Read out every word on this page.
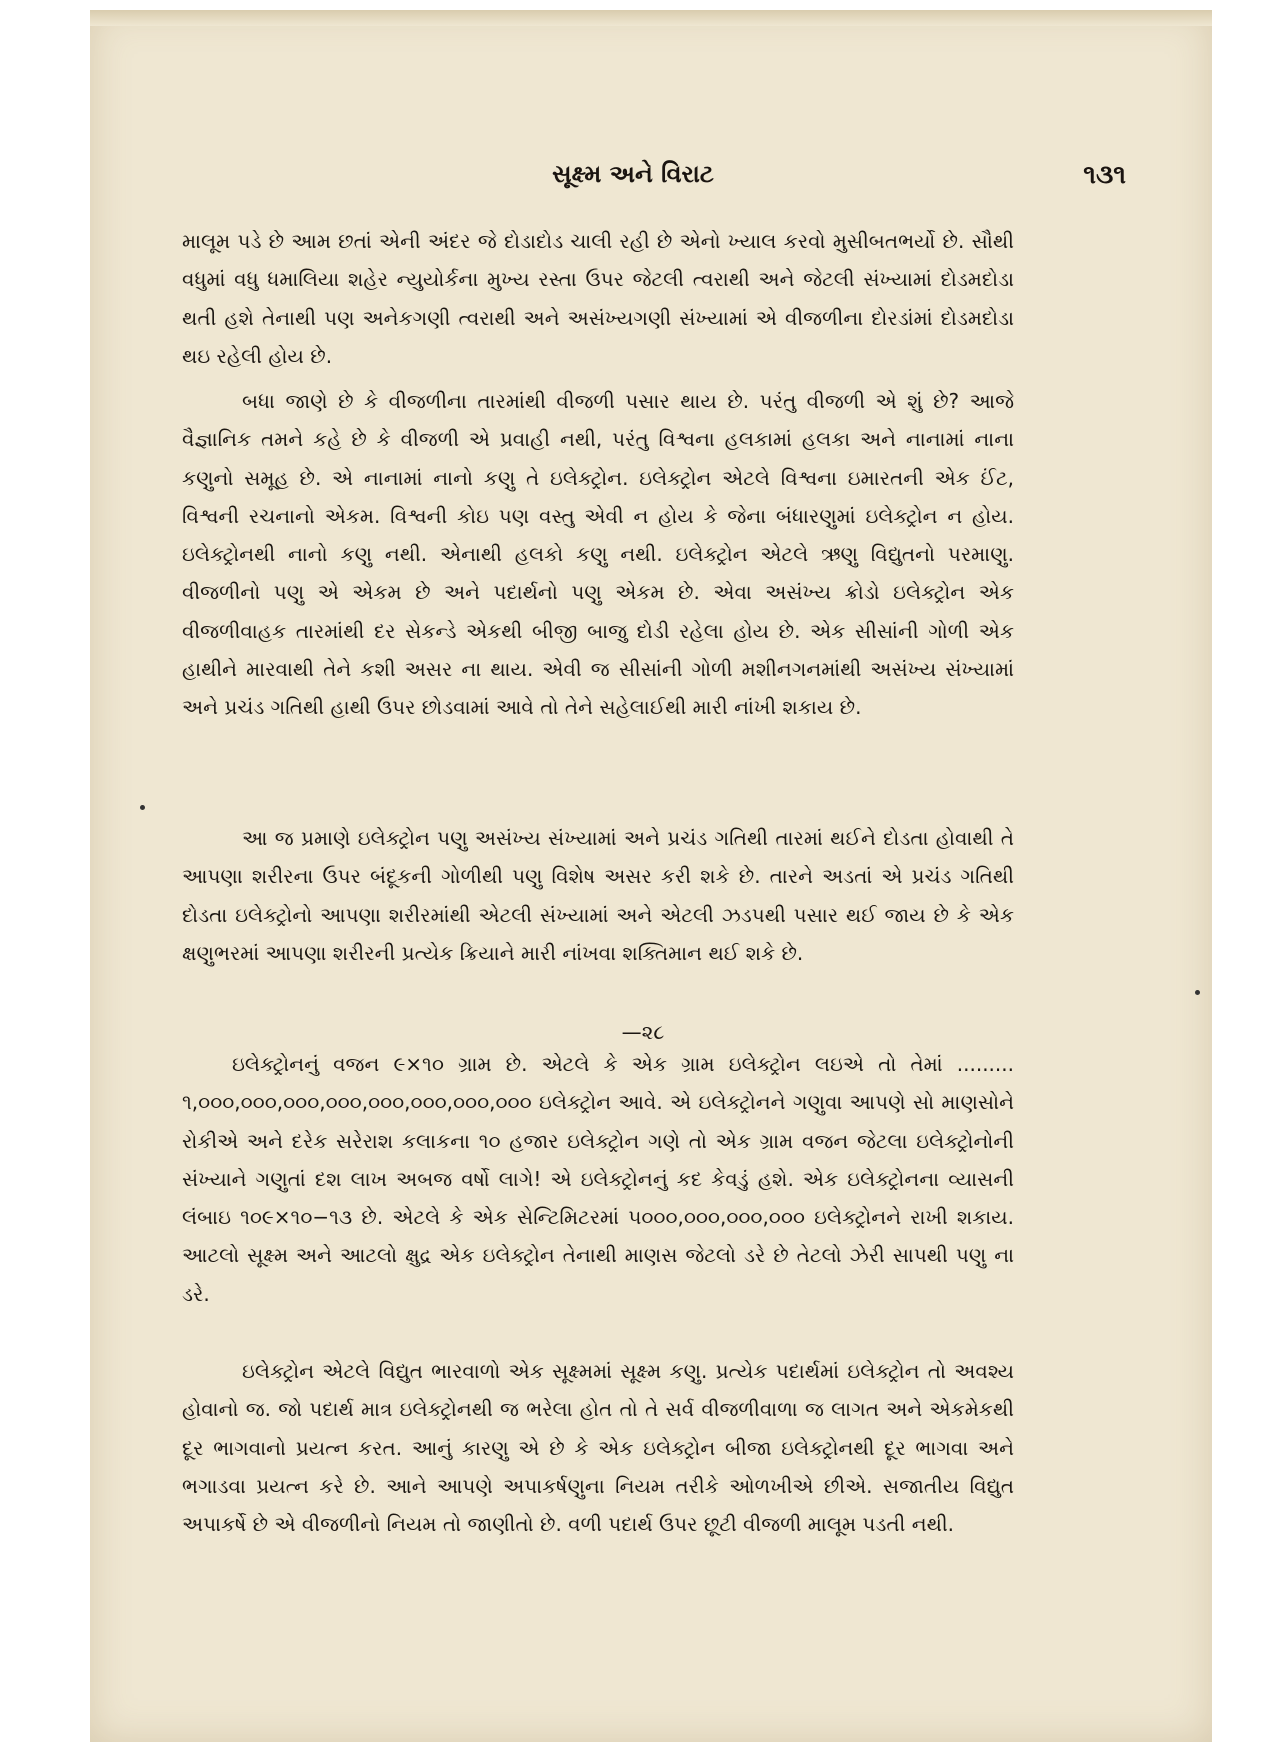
સૂક્ષ્મ અને વિરાટ	૧૩૧

માલૂમ પડે છે આમ છતાં એની અંદર જે દોડાદોડ ચાલી રહી છે એનો ખ્યાલ કરવો મુસીબતભર્યો છે. સૌથી વધુમાં વધુ ધમાલિયા શહેર ન્યુયોર્કના મુખ્ય રસ્તા ઉપર જેટલી ત્વરાથી અને જેટલી સંખ્યામાં દોડમદોડા થતી હશે તેનાથી પણ અનેકગણી ત્વરાથી અને અસંખ્યગણી સંખ્યામાં એ વીજળીના દોરડાંમાં દોડમદોડા થઇ રહેલી હોય છે.

બધા જાણે છે કે વીજળીના તારમાંથી વીજળી પસાર થાય છે. પરંતુ વીજળી એ શું છે? આજે વૈજ્ઞાનિક તમને કહે છે કે વીજળી એ પ્રવાહી નથી, પરંતુ વિશ્વના હલકામાં હલકા અને નાનામાં નાના કણુનો સમૂહ છે. એ નાનામાં નાનો કણુ તે ઇલેક્ટ્રોન. ઇલેક્ટ્રોન એટલે વિશ્વના ઇમારતની એક ઈંટ, વિશ્વની રચનાનો એકમ. વિશ્વની કોઇ પણ વસ્તુ એવી ન હોય કે જેના બંધારણુમાં ઇલેક્ટ્રોન ન હોય. ઇલેક્ટ્રોનથી નાનો કણુ નથી. એનાથી હલકો કણુ નથી. ઇલેક્ટ્રોન એટલે ઋણુ વિદ્યુતનો પરમાણુ. વીજળીનો પણુ એ એકમ છે અને પદાર્થનો પણુ એકમ છે. એવા અસંખ્ય ક્રોડો ઇલેક્ટ્રોન એક વીજળીવાહક તારમાંથી દર સેકન્ડે એકથી બીજી બાજુ દોડી રહેલા હોય છે. એક સીસાંની ગોળી એક હાથીને મારવાથી તેને કશી અસર ના થાય. એવી જ સીસાંની ગોળી મશીનગનમાંથી અસંખ્ય સંખ્યામાં અને પ્રચંડ ગતિથી હાથી ઉપર છોડવામાં આવે તો તેને સહેલાઈથી મારી નાંખી શકાય છે.

આ જ પ્રમાણે ઇલેક્ટ્રોન પણુ અસંખ્ય સંખ્યામાં અને પ્રચંડ ગતિથી તારમાં થઈને દોડતા હોવાથી તે આપણા શરીરના ઉપર બંદૂકની ગોળીથી પણુ વિશેષ અસર કરી શકે છે. તારને અડતાં એ પ્રચંડ ગતિથી દોડતા ઇલેક્ટ્રોનો આપણા શરીરમાંથી એટલી સંખ્યામાં અને એટલી ઝડપથી પસાર થઈ જાય છે કે એક ક્ષણુભરમાં આપણા શરીરની પ્રત્યેક ક્રિયાને મારી નાંખવા શક્તિમાન થઈ શકે છે.

—૨૮

ઇલેક્ટ્રોનનું વજન ૯×૧૦ ગ્રામ છે. એટલે કે એક ગ્રામ ઇલેક્ટ્રોન લઇએ તો તેમાં ......... ૧,૦૦૦,૦૦૦,૦૦૦,૦૦૦,૦૦૦,૦૦૦,૦૦૦,૦૦૦ ઇલેક્ટ્રોન આવે. એ ઇલેક્ટ્રોનને ગણુવા આપણે સો માણસોને રોકીએ અને દરેક સરેરાશ કલાકના ૧૦ હજાર ઇલેક્ટ્રોન ગણે તો એક ગ્રામ વજન જેટલા ઇલેક્ટ્રોનોની સંખ્યાને ગણુતાં દશ લાખ અબજ વર્ષો લાગે! એ ઇલેક્ટ્રોનનું કદ કેવડું હશે. એક ઇલેક્ટ્રોનના વ્યાસની લંબાઇ ૧૦૯×૧૦−૧૩ છે. એટલે કે એક સેન્ટિમિટરમાં ૫૦૦૦,૦૦૦,૦૦૦,૦૦૦ ઇલેક્ટ્રોનને રાખી શકાય. આટલો સૂક્ષ્મ અને આટલો ક્ષુદ્ર એક ઇલેક્ટ્રોન તેનાથી માણસ જેટલો ડરે છે તેટલો ઝેરી સાપથી પણુ ના ડરે.

ઇલેક્ટ્રોન એટલે વિદ્યુત ભારવાળો એક સૂક્ષ્મમાં સૂક્ષ્મ કણુ. પ્રત્યેક પદાર્થમાં ઇલેક્ટ્રોન તો અવશ્ય હોવાનો જ. જો પદાર્થ માત્ર ઇલેક્ટ્રોનથી જ ભરેલા હોત તો તે સર્વ વીજળીવાળા જ લાગત અને એકમેકથી દૂર ભાગવાનો પ્રયત્ન કરત. આનું કારણુ એ છે કે એક ઇલેક્ટ્રોન બીજા ઇલેક્ટ્રોનથી દૂર ભાગવા અને ભગાડવા પ્રયત્ન કરે છે. આને આપણે અપાકર્ષણુના નિયમ તરીકે ઓળખીએ છીએ. સજાતીય વિદ્યુત અપાકર્ષે છે એ વીજળીનો નિયમ તો જાણીતો છે. વળી પદાર્થ ઉપર છૂટી વીજળી માલૂમ પડતી નથી.
